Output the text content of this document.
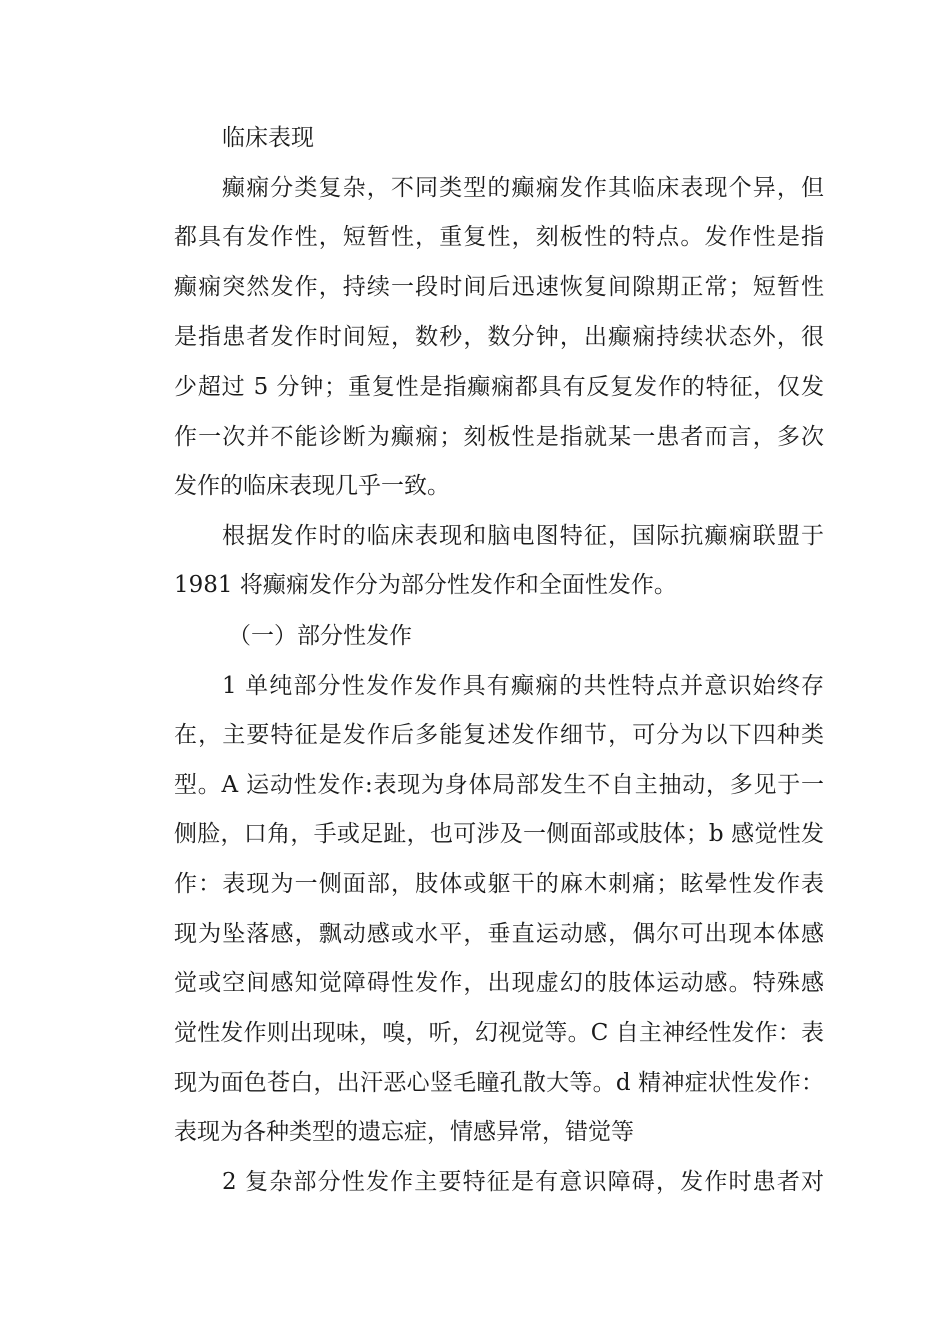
临床表现
癫痫分类复杂，不同类型的癫痫发作其临床表现个异，但
都具有发作性，短暂性，重复性，刻板性的特点。发作性是指
癫痫突然发作，持续一段时间后迅速恢复间隙期正常；短暂性
是指患者发作时间短，数秒，数分钟，出癫痫持续状态外，很
少超过 5 分钟；重复性是指癫痫都具有反复发作的特征，仅发
作一次并不能诊断为癫痫；刻板性是指就某一患者而言，多次
发作的临床表现几乎一致。
根据发作时的临床表现和脑电图特征，国际抗癫痫联盟于
1981 将癫痫发作分为部分性发作和全面性发作。
（一）部分性发作
1 单纯部分性发作发作具有癫痫的共性特点并意识始终存
在，主要特征是发作后多能复述发作细节，可分为以下四种类
型。A 运动性发作:表现为身体局部发生不自主抽动，多见于一
侧脸，口角，手或足趾，也可涉及一侧面部或肢体；b 感觉性发
作：表现为一侧面部，肢体或躯干的麻木刺痛；眩晕性发作表
现为坠落感，飘动感或水平，垂直运动感，偶尔可出现本体感
觉或空间感知觉障碍性发作，出现虚幻的肢体运动感。特殊感
觉性发作则出现味，嗅，听，幻视觉等。C 自主神经性发作：表
现为面色苍白，出汗恶心竖毛瞳孔散大等。d 精神症状性发作：
表现为各种类型的遗忘症，情感异常，错觉等
2 复杂部分性发作主要特征是有意识障碍，发作时患者对
